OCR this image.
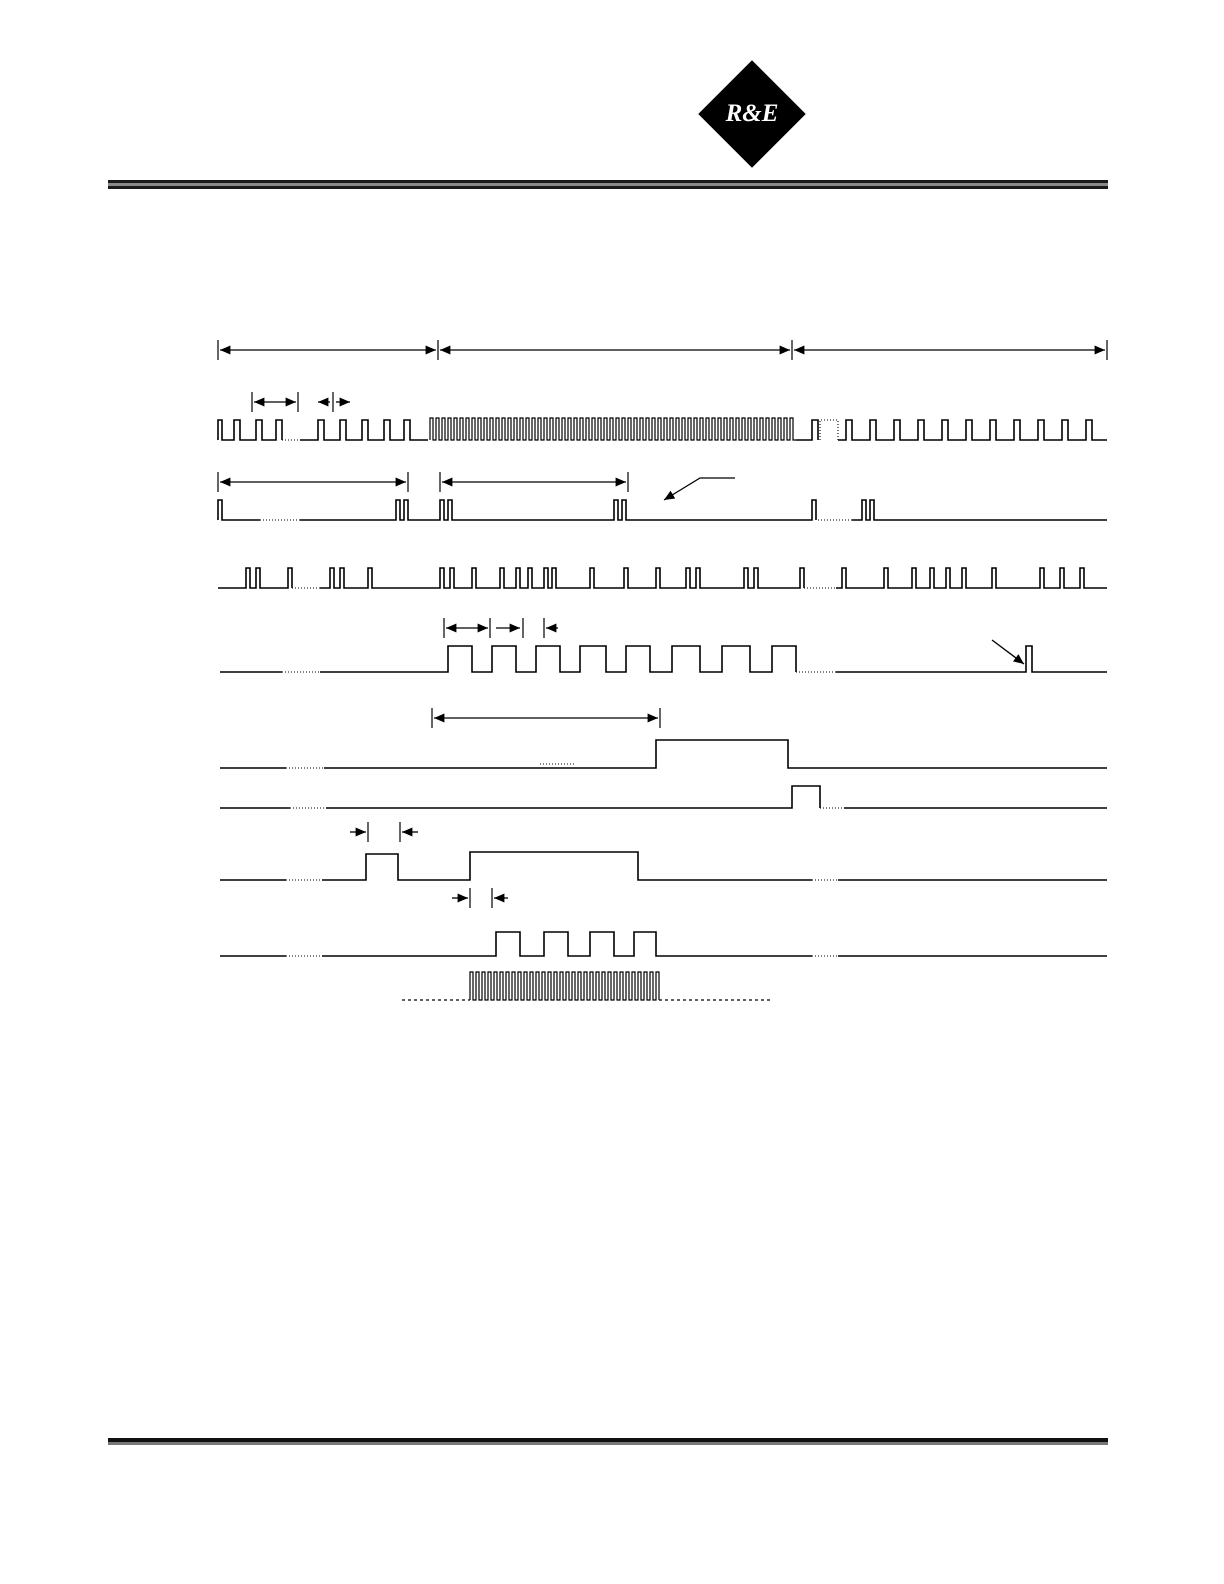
R&E
